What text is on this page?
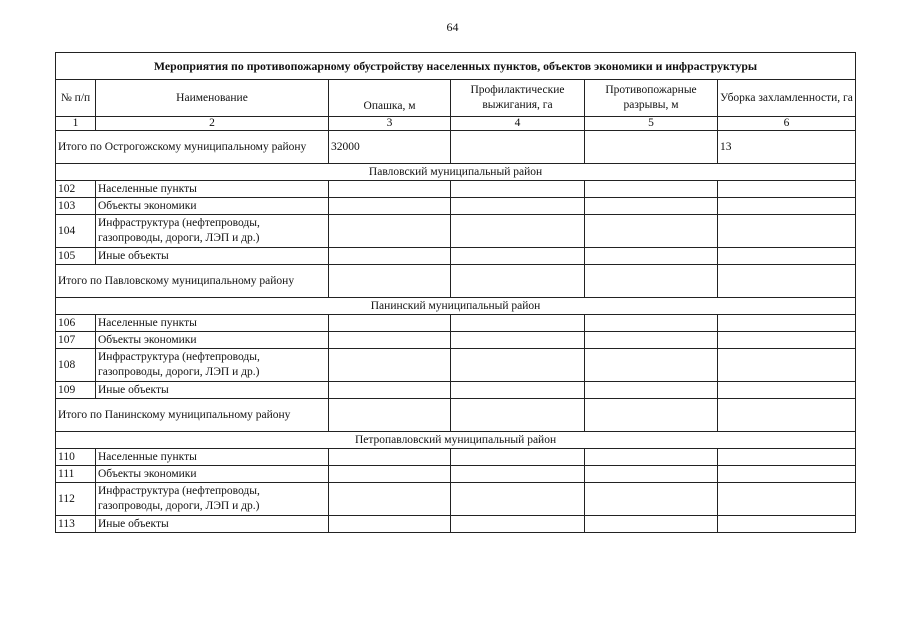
64
Мероприятия по противопожарному обустройству населенных пунктов, объектов экономики и инфраструктуры					
№ п/п	Наименование	Опашка, м	Профилактические выжигания, га	Противопожарные разрывы, м	Уборка захламленности, га
1	2	3	4	5	6
Итого по Острогожскому муниципальному району		32000			13
Павловский муниципальный район					
102	Населенные пункты				
103	Объекты экономики				
104	Инфраструктура (нефтепроводы, газопроводы, дороги, ЛЭП и др.)				
105	Иные объекты				
Итого по Павловскому муниципальному району					
Панинский муниципальный район					
106	Населенные пункты				
107	Объекты экономики				
108	Инфраструктура (нефтепроводы, газопроводы, дороги, ЛЭП и др.)				
109	Иные объекты				
Итого по Панинскому муниципальному району					
Петропавловский муниципальный район					
110	Населенные пункты				
111	Объекты экономики				
112	Инфраструктура (нефтепроводы, газопроводы, дороги, ЛЭП и др.)				
113	Иные объекты				
